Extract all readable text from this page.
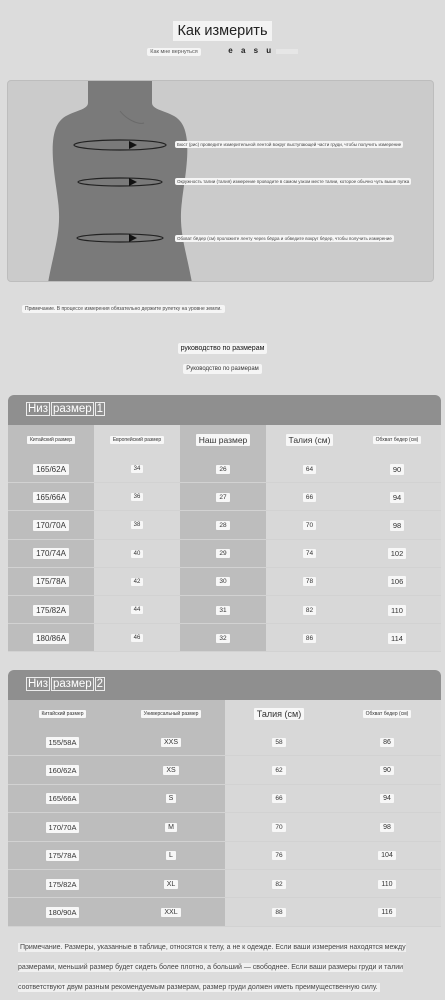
Как измерить
Как мне вернуться	e a s u
Бюст (рис) проведите измерительной лентой вокруг выступающей части груди, чтобы получить измерение
Окружность талии (талия) измерение проводите в самом узком месте талии, которое обычно чуть выше пупка
Обхват бёдер (см) проложите ленту через бёдра и обведите вокруг бёдер, чтобы получить измерение
Примечание. В процессе измерения обязательно держите рулетку на уровне земли.
руководство по размерам
Руководство по размерам
Низ размер 1
Китайский размер	Европейский размер	Наш размер	Талия (см)	Обхват бедер (см)
165/62A	34	26	64	90
165/66A	36	27	66	94
170/70A	38	28	70	98
170/74A	40	29	74	102
175/78A	42	30	78	106
175/82A	44	31	82	110
180/86A	46	32	86	114
Низ размер 2
Китайский размер	Универсальный размер	Талия (см)	Обхват бедер (см)
155/58A	XXS	58	86
160/62A	XS	62	90
165/66A	S	66	94
170/70A	M	70	98
175/78A	L	76	104
175/82A	XL	82	110
180/90A	XXL	88	116
Примечание. Размеры, указанные в таблице, относятся к телу, а не к одежде. Если ваши измерения находятся между размерами, меньший размер будет сидеть более плотно, а больший — свободнее. Если ваши размеры груди и талии соответствуют двум разным рекомендуемым размерам, размер груди должен иметь преимущественную силу.
